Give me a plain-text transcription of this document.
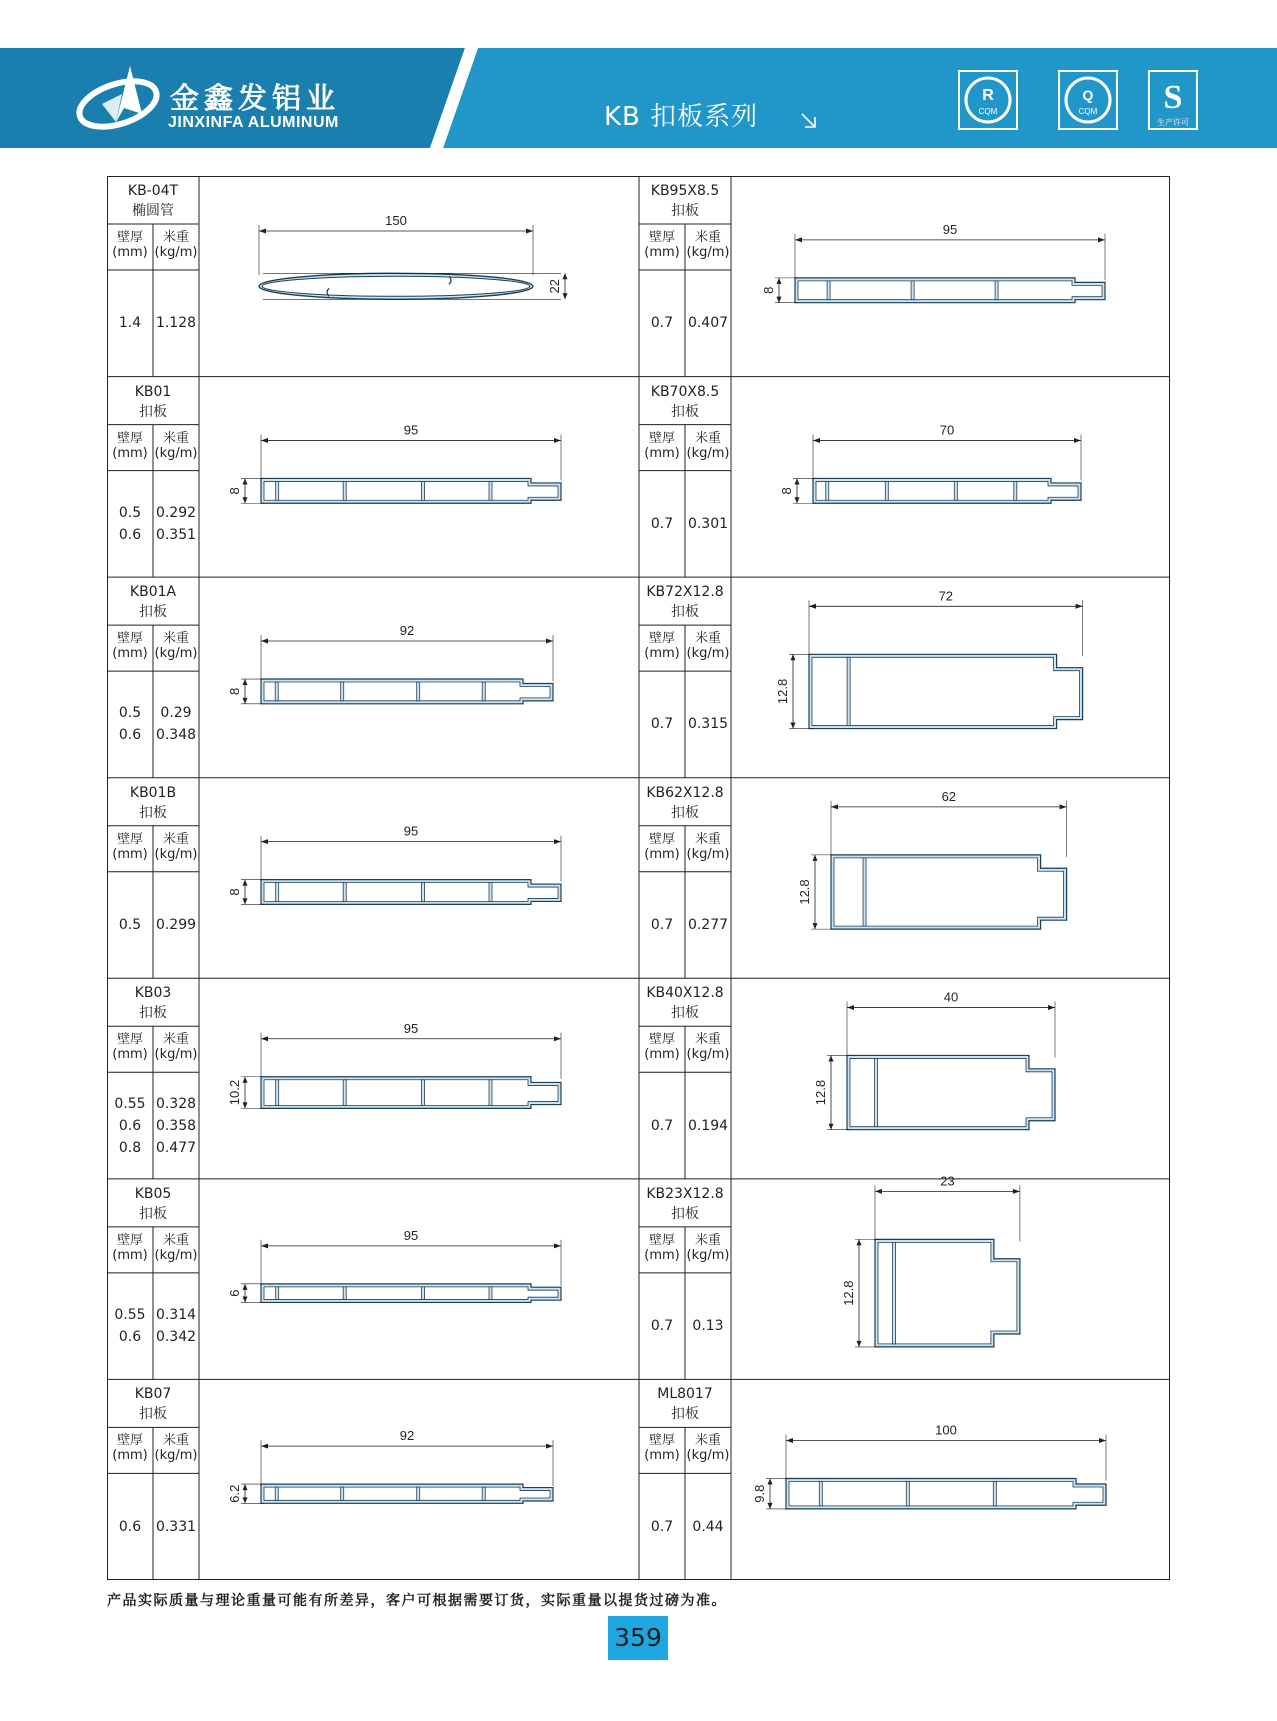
金鑫发铝业
JINXINFA ALUMINUM	KB 扣板系列
R
CQM
Q
CQM S
生产许可
150
22
95
8
95
8
70
8
92
8
72
12.8
95
8
62
12.8
95
10.2
40
12.8
95
6
23
12.8
92
6.2
100
9.8
KB-04T
椭圆管
壁厚
(mm)
米重
(kg/m)
1.4	1.128
KB95X8.5
扣板
壁厚
(mm)
米重
(kg/m)
0.7	0.407
KB01
扣板
壁厚
(mm)
米重
(kg/m)
0.5	0.292
0.6	0.351
KB70X8.5
扣板
壁厚
(mm)
米重
(kg/m)
0.7	0.301
KB01A
扣板
壁厚
(mm)
米重
(kg/m)
0.5	0.29
0.6	0.348
KB72X12.8
扣板
壁厚
(mm)
米重
(kg/m)
0.7	0.315
KB01B
扣板
壁厚
(mm)
米重
(kg/m)
0.5	0.299
KB62X12.8
扣板
壁厚
(mm)
米重
(kg/m)
0.7	0.277
KB03
扣板
壁厚
(mm)
米重
(kg/m)
0.55 0.328
0.6	0.358
0.8	0.477
KB40X12.8
扣板
壁厚
(mm)
米重
(kg/m)
0.7	0.194
KB05
扣板
壁厚
(mm)
米重
(kg/m)
0.55 0.314
0.6	0.342
KB23X12.8
扣板
壁厚
(mm)
米重
(kg/m)
0.7	0.13
KB07
扣板
壁厚
(mm)
米重
(kg/m)
0.6	0.331
ML8017
扣板
壁厚
(mm)
米重
(kg/m)
0.7	0.44
产品实际质量与理论重量可能有所差异，客户可根据需要订货，实际重量以提货过磅为准。
359
